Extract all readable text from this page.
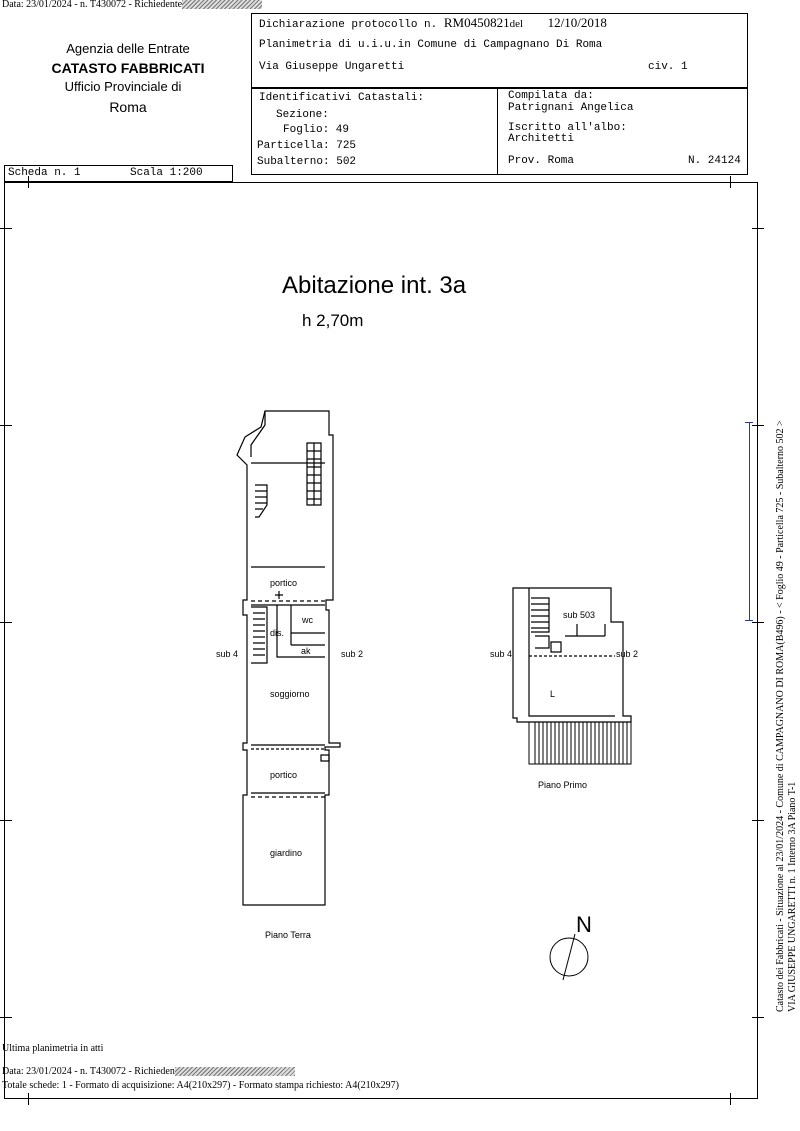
Data: 23/01/2024 - n. T430072 - Richiedente
Agenzia delle Entrate
CATASTO FABBRICATI
Ufficio Provinciale di
Roma
Dichiarazione protocollo n. RM0450821del 12/10/2018
Planimetria di u.i.u.in Comune di Campagnano Di Roma
Via Giuseppe Ungaretti	civ. 1
Identificativi Catastali:
Sezione:
Foglio: 49
Particella: 725
Subalterno: 502
Compilata da:
Patrignani Angelica
Iscritto all'albo:
Architetti
Prov. Roma	N. 24124
Scheda n. 1	Scala 1:200
Abitazione int. 3a
h 2,70m
portico
wc
dis.
ak
sub 4	sub 2
soggiorno
portico
giardino
Piano Terra
sub 503
sub 4	sub 2
L
Piano Primo
N	Catasto dei Fabbricati - Situazione al 23/01/2024 - Comune di CAMPAGNANO DI ROMA(B496) - < Foglio 49 - Particella 725 - Subalterno 502 > VIA GIUSEPPE UNGARETTI n. 1 Interno 3A Piano T-1
Ultima planimetria in atti
Data: 23/01/2024 - n. T430072 - Richieden
Totale schede: 1 - Formato di acquisizione: A4(210x297) - Formato stampa richiesto: A4(210x297)
